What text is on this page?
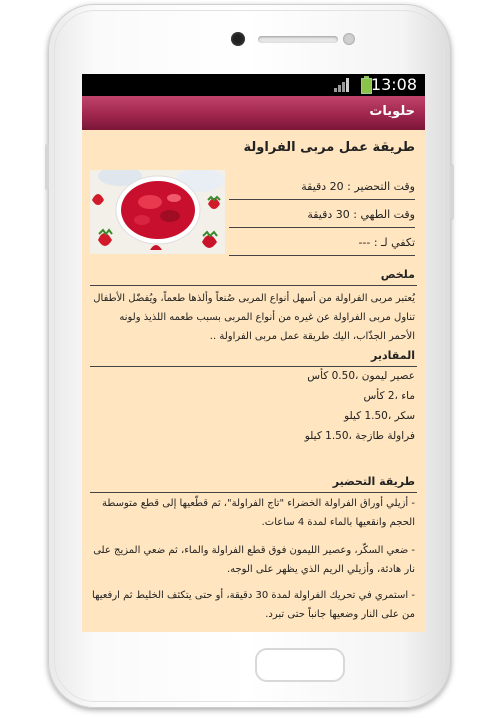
13:08
حلويات
طريقة عمل مربى الفراولة
وقت التحضير : 20 دقيقة
وقت الطهي : 30 دقيقة
تكفي لـ : ---
ملخص
يُعتبر مربى الفراولة من أسهل أنواع المربى صُنعاً وألذها طعماً، ويُفضّل الأطفال تناول مربى الفراولة عن غيره من أنواع المربى بسبب طعمه اللذيذ ولونه الأحمر الجذّاب، اليك طريقة عمل مربى الفراولة ..
المقادير
عصير ليمون ،0.50 كأس
ماء ،2 كأس
سكر ،1.50 كيلو
فراولة طازجة ،1.50 كيلو
طريقة التحضير
- أزيلي أوراق الفراولة الخضراء "تاج الفراولة"، ثم قطّعيها إلى قطع متوسطة الحجم وانقعيها بالماء لمدة 4 ساعات.
- ضعي السكّر، وعصير الليمون فوق قطع الفراولة والماء، ثم ضعي المزيج على نار هادئة، وأزيلي الريم الذي يظهر على الوجه.
- استمري في تحريك الفراولة لمدة 30 دقيقة، أو حتى يتكثف الخليط ثم ارفعيها من على النار وضعيها جانباً حتى تبرد.
